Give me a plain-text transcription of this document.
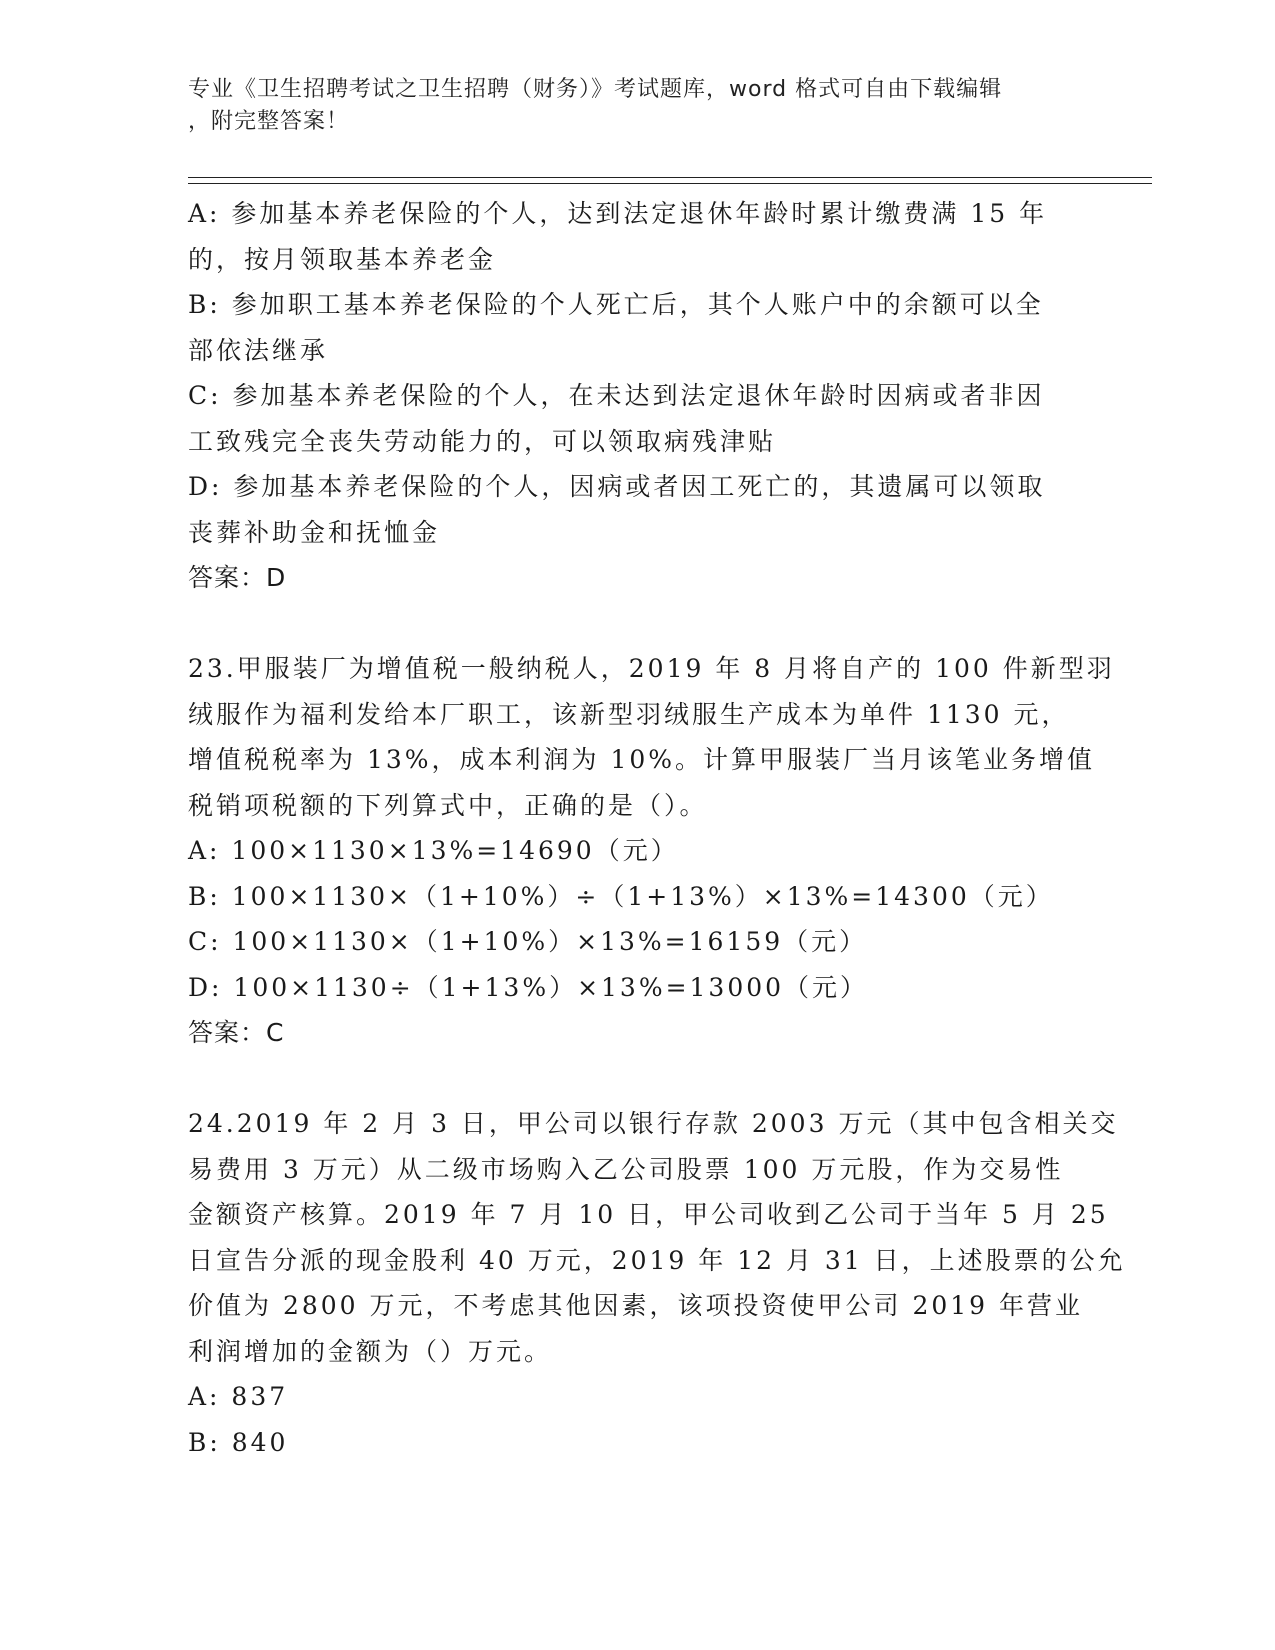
专业《卫生招聘考试之卫生招聘（财务）》考试题库，word 格式可自由下载编辑
，附完整答案！
A: 参加基本养老保险的个人，达到法定退休年龄时累计缴费满 15 年
的，按月领取基本养老金
B: 参加职工基本养老保险的个人死亡后，其个人账户中的余额可以全
部依法继承
C: 参加基本养老保险的个人，在未达到法定退休年龄时因病或者非因
工致残完全丧失劳动能力的，可以领取病残津贴
D: 参加基本养老保险的个人，因病或者因工死亡的，其遗属可以领取
丧葬补助金和抚恤金
答案：D
23.甲服装厂为增值税一般纳税人，2019 年 8 月将自产的 100 件新型羽
绒服作为福利发给本厂职工，该新型羽绒服生产成本为单件 1130 元，
增值税税率为 13%，成本利润为 10%。计算甲服装厂当月该笔业务增值
税销项税额的下列算式中，正确的是（）。
A: 100×1130×13%=14690（元）
B: 100×1130×（1+10%）÷（1+13%）×13%=14300（元）
C: 100×1130×（1+10%）×13%=16159（元）
D: 100×1130÷（1+13%）×13%=13000（元）
答案：C
24.2019 年 2 月 3 日，甲公司以银行存款 2003 万元（其中包含相关交
易费用 3 万元）从二级市场购入乙公司股票 100 万元股，作为交易性
金额资产核算。2019 年 7 月 10 日，甲公司收到乙公司于当年 5 月 25
日宣告分派的现金股利 40 万元，2019 年 12 月 31 日，上述股票的公允
价值为 2800 万元，不考虑其他因素，该项投资使甲公司 2019 年营业
利润增加的金额为（）万元。
A: 837
B: 840
